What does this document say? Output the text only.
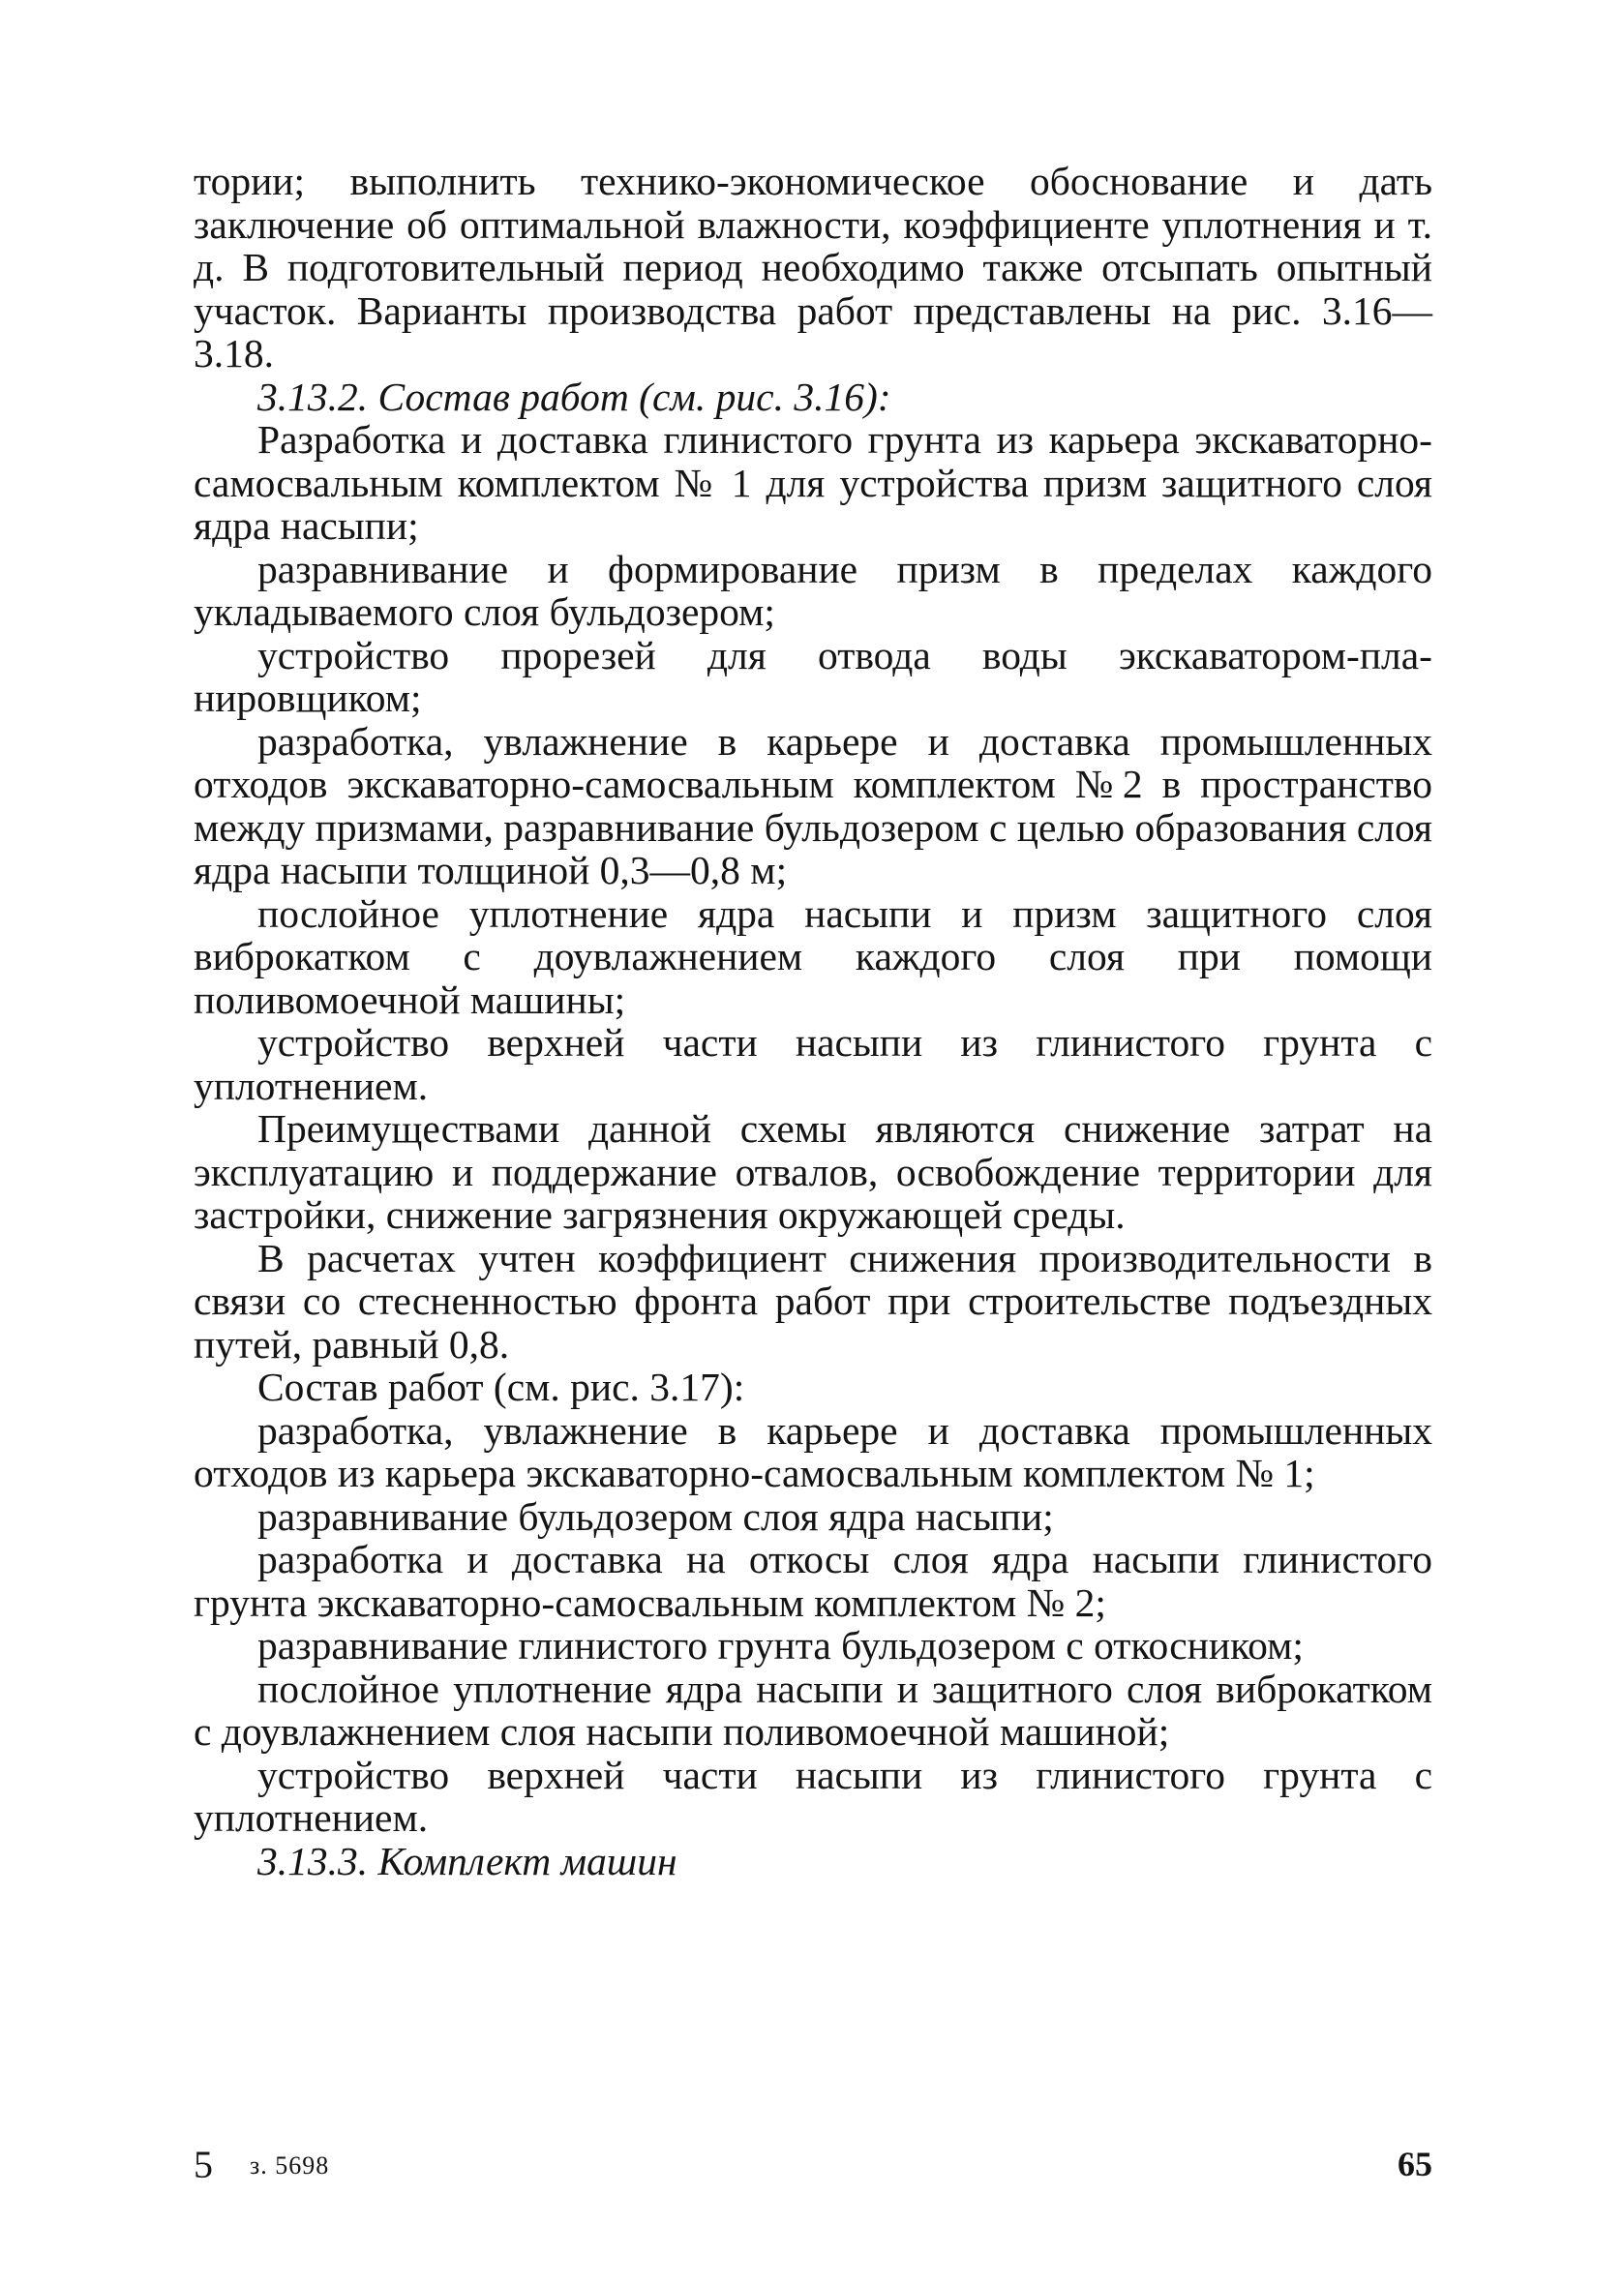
тории; выполнить технико-экономическое обоснование и дать заключение об оптимальной влажности, коэффициенте уплотнения и т. д. В подготовительный период необходимо также отсыпать опытный участок. Варианты производства работ представлены на рис. 3.16—3.18.

3.13.2. Состав работ (см. рис. 3.16):

Разработка и доставка глинистого грунта из карьера экскаваторно-самосвальным комплектом № 1 для устройства призм защитного слоя ядра насыпи;

разравнивание и формирование призм в пределах каждого укладываемого слоя бульдозером;

устройство прорезей для отвода воды экскаватором-планировщиком;

разработка, увлажнение в карьере и доставка промышленных отходов экскаваторно-самосвальным комплектом №2 в пространство между призмами, разравнивание бульдозером с целью образования слоя ядра насыпи толщиной 0,3—0,8 м;

послойное уплотнение ядра насыпи и призм защитного слоя виброкатком с доувлажнением каждого слоя при помощи поливомоечной машины;

устройство верхней части насыпи из глинистого грунта с уплотнением.

Преимуществами данной схемы являются снижение затрат на эксплуатацию и поддержание отвалов, освобождение территории для застройки, снижение загрязнения окружающей среды.

В расчетах учтен коэффициент снижения производительности в связи со стесненностью фронта работ при строительстве подъездных путей, равный 0,8.

Состав работ (см. рис. 3.17):

разработка, увлажнение в карьере и доставка промышленных отходов из карьера экскаваторно-самосвальным комплектом № 1;

разравнивание бульдозером слоя ядра насыпи;

разработка и доставка на откосы слоя ядра насыпи глинистого грунта экскаваторно-самосвальным комплектом № 2;

разравнивание глинистого грунта бульдозером с откосником;

послойное уплотнение ядра насыпи и защитного слоя виброкатком с доувлажнением слоя насыпи поливомоечной машиной;

устройство верхней части насыпи из глинистого грунта с уплотнением.

3.13.3. Комплект машин

5 з. 5698	65
